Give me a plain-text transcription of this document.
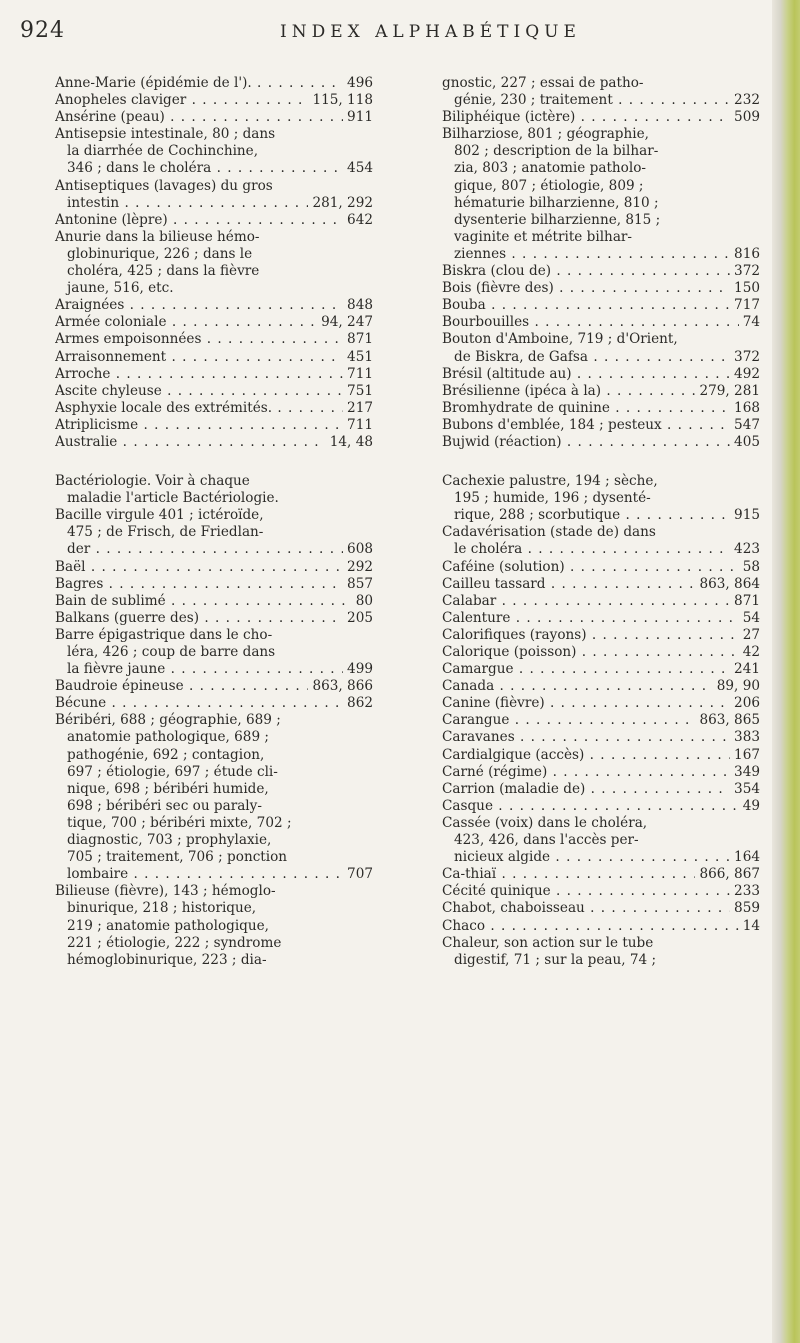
924	INDEX ALPHABÉTIQUE
Anne-Marie (épidémie de l'). . . .	496
Anopheles claviger . . .	115, 118
Ansérine (peau) . . .	911
Antisepsie intestinale, 80 ; dans
la diarrhée de Cochinchine,
346 ; dans le choléra . . .	454
Antiseptiques (lavages) du gros
intestin . . .	281, 292
Antonine (lèpre) . . .	642
Anurie dans la bilieuse hémo-
globinurique, 226 ; dans le
choléra, 425 ; dans la fièvre
jaune, 516, etc.
Araignées . . .	848
Armée coloniale . . .	94, 247
Armes empoisonnées . . .	871
Arraisonnement . . .	451
Arroche . . .	711
Ascite chyleuse . . .	751
Asphyxie locale des extrémités. . . .	217
Atriplicisme . . .	711
Australie . . .	14, 48
Bactériologie. Voir à chaque
maladie l'article Bactériologie.
Bacille virgule 401 ; ictéroïde,
475 ; de Frisch, de Friedlan-
der . . .	608
Baël . . .	292
Bagres . . .	857
Bain de sublimé . . .	80
Balkans (guerre des) . . .	205
Barre épigastrique dans le cho-
léra, 426 ; coup de barre dans
la fièvre jaune . . .	499
Baudroie épineuse . . .	863, 866
Bécune . . .	862
Béribéri, 688 ; géographie, 689 ;
anatomie pathologique, 689 ;
pathogénie, 692 ; contagion,
697 ; étiologie, 697 ; étude cli-
nique, 698 ; béribéri humide,
698 ; béribéri sec ou paraly-
tique, 700 ; béribéri mixte, 702 ;
diagnostic, 703 ; prophylaxie,
705 ; traitement, 706 ; ponction
lombaire . . .	707
Bilieuse (fièvre), 143 ; hémoglo-
binurique, 218 ; historique,
219 ; anatomie pathologique,
221 ; étiologie, 222 ; syndrome
hémoglobinurique, 223 ; dia-
gnostic, 227 ; essai de patho-
génie, 230 ; traitement . . .	232
Biliphéique (ictère) . . .	509
Bilharziose, 801 ; géographie,
802 ; description de la bilhar-
zia, 803 ; anatomie patholo-
gique, 807 ; étiologie, 809 ;
hématurie bilharzienne, 810 ;
dysenterie bilharzienne, 815 ;
vaginite et métrite bilhar-
ziennes . . .	816
Biskra (clou de) . . .	372
Bois (fièvre des) . . .	150
Bouba . . .	717
Bourbouilles . . .	74
Bouton d'Amboine, 719 ; d'Orient,
de Biskra, de Gafsa . . .	372
Brésil (altitude au) . . .	492
Brésilienne (ipéca à la) . . .	279, 281
Bromhydrate de quinine . . .	168
Bubons d'emblée, 184 ; pesteux . . .	547
Bujwid (réaction) . . .	405
Cachexie palustre, 194 ; sèche,
195 ; humide, 196 ; dysenté-
rique, 288 ; scorbutique . . .	915
Cadavérisation (stade de) dans
le choléra . . .	423
Caféine (solution) . . .	58
Cailleu tassard . . .	863, 864
Calabar . . .	871
Calenture . . .	54
Calorifiques (rayons) . . .	27
Calorique (poisson) . . .	42
Camargue . . .	241
Canada . . .	89, 90
Canine (fièvre) . . .	206
Carangue . . .	863, 865
Caravanes . . .	383
Cardialgique (accès) . . .	167
Carné (régime) . . .	349
Carrion (maladie de) . . .	354
Casque . . .	49
Cassée (voix) dans le choléra,
423, 426, dans l'accès per-
nicieux algide . . .	164
Ca-thiaï . . .	866, 867
Cécité quinique . . .	233
Chabot, chaboisseau . . .	859
Chaco . . .	14
Chaleur, son action sur le tube
digestif, 71 ; sur la peau, 74 ;
